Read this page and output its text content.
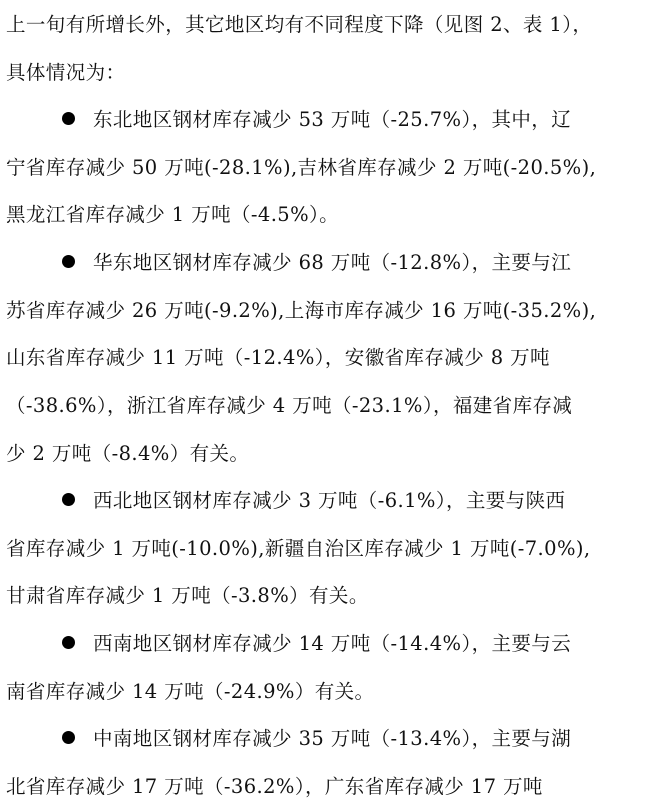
上一旬有所增长外，其它地区均有不同程度下降（见图 2、表 1），
具体情况为：
东北地区钢材库存减少 53 万吨（-25.7%），其中，辽
宁省库存减少 50 万吨(-28.1%),吉林省库存减少 2 万吨(-20.5%),
黑龙江省库存减少 1 万吨（-4.5%）。
华东地区钢材库存减少 68 万吨（-12.8%），主要与江
苏省库存减少 26 万吨(-9.2%),上海市库存减少 16 万吨(-35.2%),
山东省库存减少 11 万吨（-12.4%），安徽省库存减少 8 万吨
（-38.6%），浙江省库存减少 4 万吨（-23.1%），福建省库存减
少 2 万吨（-8.4%）有关。
西北地区钢材库存减少 3 万吨（-6.1%），主要与陕西
省库存减少 1 万吨(-10.0%),新疆自治区库存减少 1 万吨(-7.0%),
甘肃省库存减少 1 万吨（-3.8%）有关。
西南地区钢材库存减少 14 万吨（-14.4%），主要与云
南省库存减少 14 万吨（-24.9%）有关。
中南地区钢材库存减少 35 万吨（-13.4%），主要与湖
北省库存减少 17 万吨（-36.2%），广东省库存减少 17 万吨
